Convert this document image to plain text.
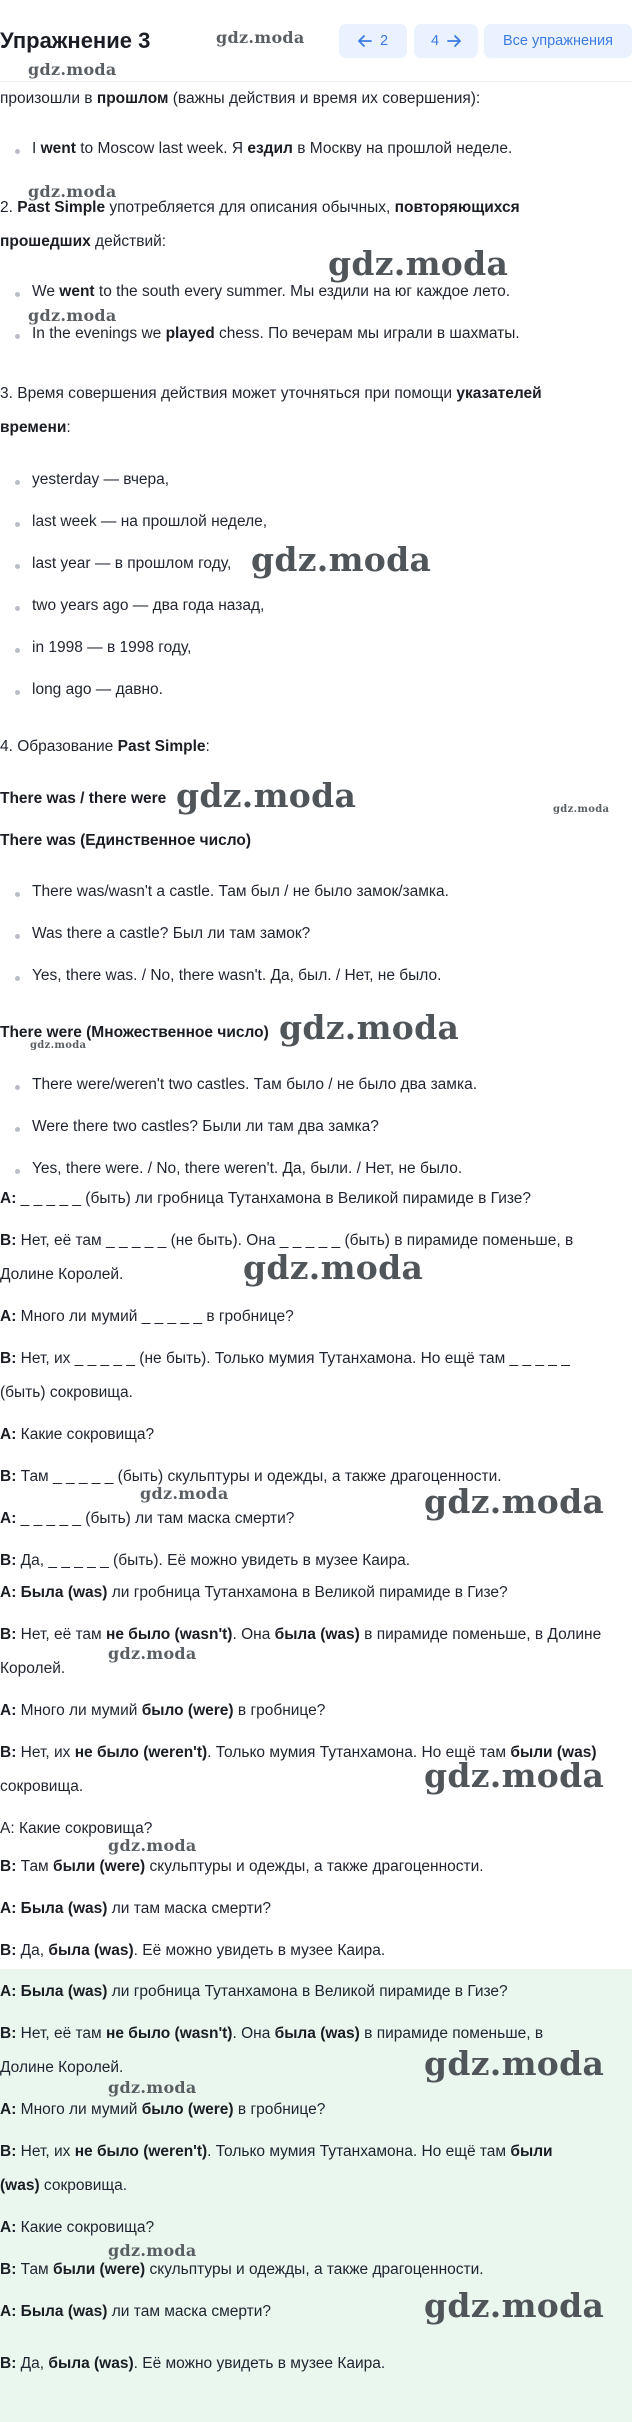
Упражнение 3	2	4	Все упражнения
gdz.moda
gdz.moda
произошли в прошлом (важны действия и время их совершения):
I went to Moscow last week. Я ездил в Москву на прошлой неделе.
gdz.moda
2. Past Simple употребляется для описания обычных, повторяющихся
прошедших действий:
gdz.moda
We went to the south every summer. Мы ездили на юг каждое лето.
gdz.moda
In the evenings we played chess. По вечерам мы играли в шахматы.
3. Время совершения действия может уточняться при помощи указателей
времени:
yesterday — вчера,
last week — на прошлой неделе,
last year — в прошлом году, gdz.moda
two years ago — два года назад,
in 1998 — в 1998 году,
long ago — давно.
4. Образование Past Simple:
There was / there were gdz.moda	gdz.moda
There was (Единственное число)
There was/wasn't a castle. Там был / не было замок/замка.
Was there a castle? Был ли там замок?
Yes, there was. / No, there wasn't. Да, был. / Нет, не было.
There were (Множественное число) gdz.moda
gdz.moda
There were/weren't two castles. Там было / не было два замка.
Were there two castles? Были ли там два замка?
Yes, there were. / No, there weren't. Да, были. / Нет, не было.
A: _ _ _ _ _ (быть) ли гробница Тутанхамона в Великой пирамиде в Гизе?
B: Нет, её там _ _ _ _ _ (не быть). Она _ _ _ _ _ (быть) в пирамиде поменьше, в
Долине Королей.	gdz.moda
A: Много ли мумий _ _ _ _ _ в гробнице?
B: Нет, их _ _ _ _ _ (не быть). Только мумия Тутанхамона. Но ещё там _ _ _ _ _
(быть) сокровища.
A: Какие сокровища?
B: Там _ _ _ _ _ (быть) скульптуры и одежды, а также драгоценности.
gdz.moda	gdz.moda
A: _ _ _ _ _ (быть) ли там маска смерти?
B: Да, _ _ _ _ _ (быть). Её можно увидеть в музее Каира.
A: Была (was) ли гробница Тутанхамона в Великой пирамиде в Гизе?
B: Нет, её там не было (wasn't). Она была (was) в пирамиде поменьше, в Долине
Королей.
gdz.moda
A: Много ли мумий было (were) в гробнице?
B: Нет, их не было (weren't). Только мумия Тутанхамона. Но ещё там были (was)
gdz.moda
сокровища.
A: Какие сокровища?
gdz.moda
B: Там были (were) скульптуры и одежды, а также драгоценности.
A: Была (was) ли там маска смерти?
B: Да, была (was). Её можно увидеть в музее Каира.
A: Была (was) ли гробница Тутанхамона в Великой пирамиде в Гизе?
B: Нет, её там не было (wasn't). Она была (was) в пирамиде поменьше, в
Долине Королей.	gdz.moda
gdz.moda
A: Много ли мумий было (were) в гробнице?
B: Нет, их не было (weren't). Только мумия Тутанхамона. Но ещё там были
(was) сокровища.
A: Какие сокровища?
gdz.moda
B: Там были (were) скульптуры и одежды, а также драгоценности.
gdz.moda
A: Была (was) ли там маска смерти?
B: Да, была (was). Её можно увидеть в музее Каира.
